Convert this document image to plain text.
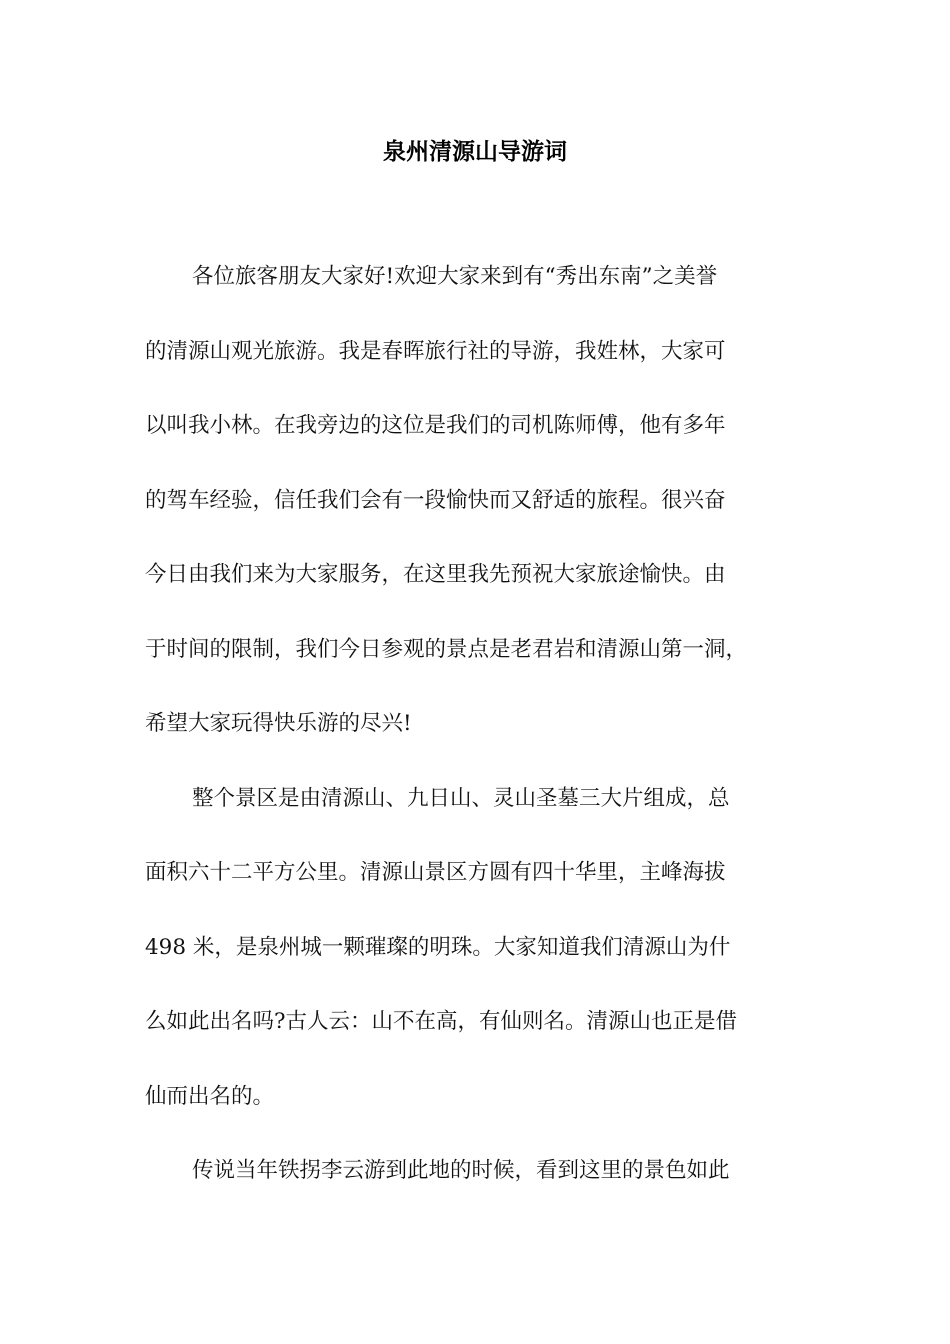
泉州清源山导游词
各位旅客朋友大家好!欢迎大家来到有“秀出东南”之美誉
的清源山观光旅游。我是春晖旅行社的导游，我姓林，大家可
以叫我小林。在我旁边的这位是我们的司机陈师傅，他有多年
的驾车经验，信任我们会有一段愉快而又舒适的旅程。很兴奋
今日由我们来为大家服务，在这里我先预祝大家旅途愉快。由
于时间的限制，我们今日参观的景点是老君岩和清源山第一洞，
希望大家玩得快乐游的尽兴!
整个景区是由清源山、九日山、灵山圣墓三大片组成，总
面积六十二平方公里。清源山景区方圆有四十华里，主峰海拔
498 米，是泉州城一颗璀璨的明珠。大家知道我们清源山为什
么如此出名吗?古人云：山不在高，有仙则名。清源山也正是借
仙而出名的。
传说当年铁拐李云游到此地的时候，看到这里的景色如此
